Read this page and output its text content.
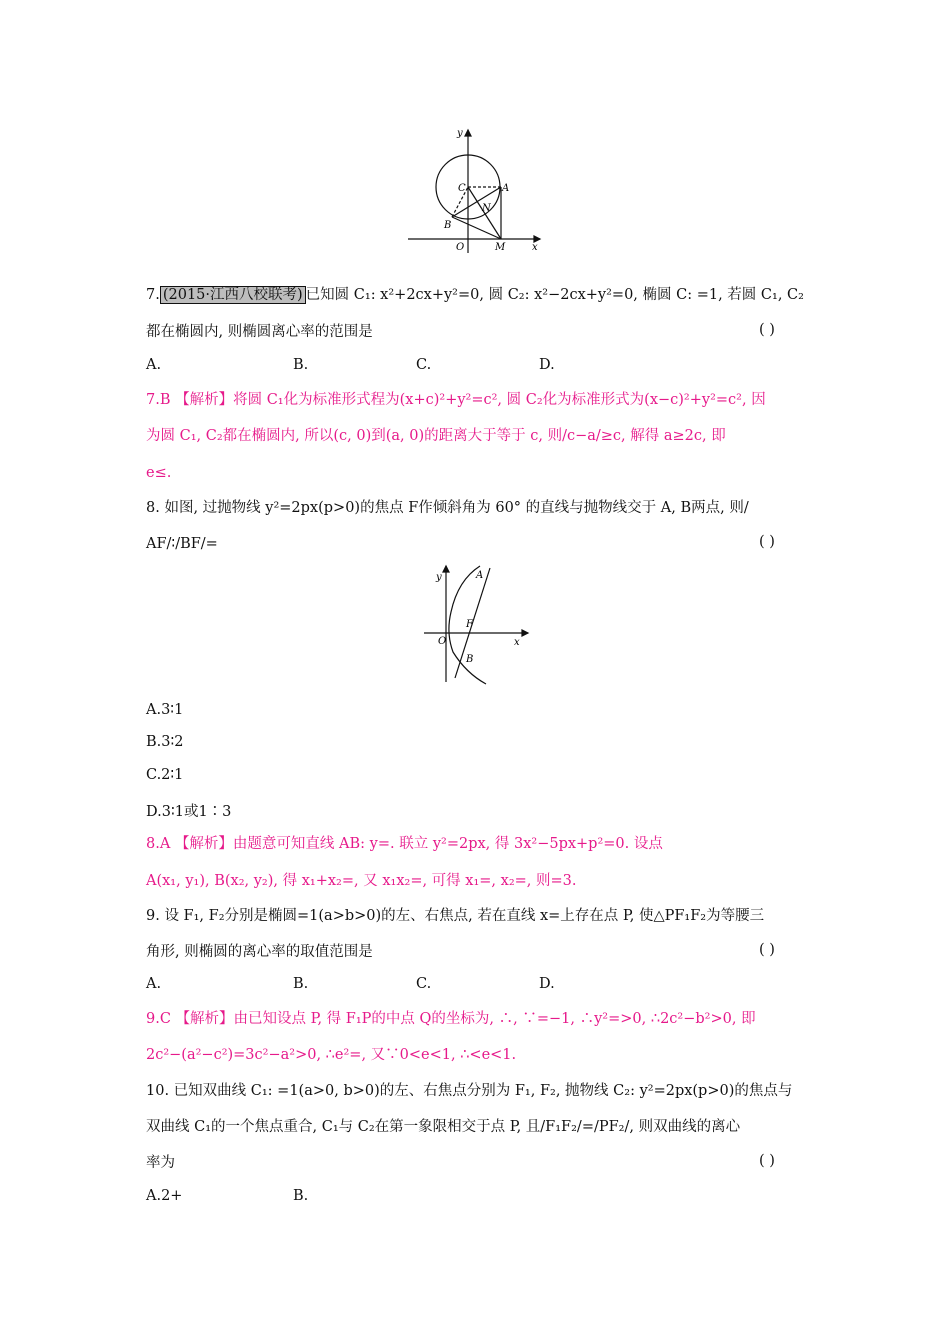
y
x
C	A
N
B
O	M
7. (2015·江西八校联考) 已知圆 C₁: x²+2cx+y²=0, 圆 C₂: x²−2cx+y²=0, 椭圆 C: =1, 若圆 C₁, C₂
都在椭圆内, 则椭圆离心率的范围是	( )
A.	B.	C.	D.
7.B 【解析】将圆 C₁化为标准形式程为(x+c)²+y²=c², 圆 C₂化为标准形式为(x−c)²+y²=c², 因
为圆 C₁, C₂都在椭圆内, 所以(c, 0)到(a, 0)的距离大于等于 c, 则/c−a/≥c, 解得 a≥2c, 即
e≤.
8. 如图, 过抛物线 y²=2px(p>0)的焦点 F作倾斜角为 60° 的直线与抛物线交于 A, B两点, 则/
AF/∶/BF/=	( )
y
x
A
F
O
B
A.3∶1
B.3∶2
C.2∶1
D.3∶1或1∶3
8.A 【解析】由题意可知直线 AB: y=. 联立 y²=2px, 得 3x²−5px+p²=0. 设点
A(x₁, y₁), B(x₂, y₂), 得 x₁+x₂=, 又 x₁x₂=, 可得 x₁=, x₂=, 则=3.
9. 设 F₁, F₂分别是椭圆=1(a>b>0)的左、右焦点, 若在直线 x=上存在点 P, 使△PF₁F₂为等腰三
角形, 则椭圆的离心率的取值范围是	( )
A.	B.	C.	D.
9.C 【解析】由已知设点 P, 得 F₁P的中点 Q的坐标为, ∴, ∵=−1, ∴y²=>0, ∴2c²−b²>0, 即
2c²−(a²−c²)=3c²−a²>0, ∴e²=, 又∵0<e<1, ∴<e<1.
10. 已知双曲线 C₁: =1(a>0, b>0)的左、右焦点分别为 F₁, F₂, 抛物线 C₂: y²=2px(p>0)的焦点与
双曲线 C₁的一个焦点重合, C₁与 C₂在第一象限相交于点 P, 且/F₁F₂/=/PF₂/, 则双曲线的离心
率为	( )
A.2+	B.
